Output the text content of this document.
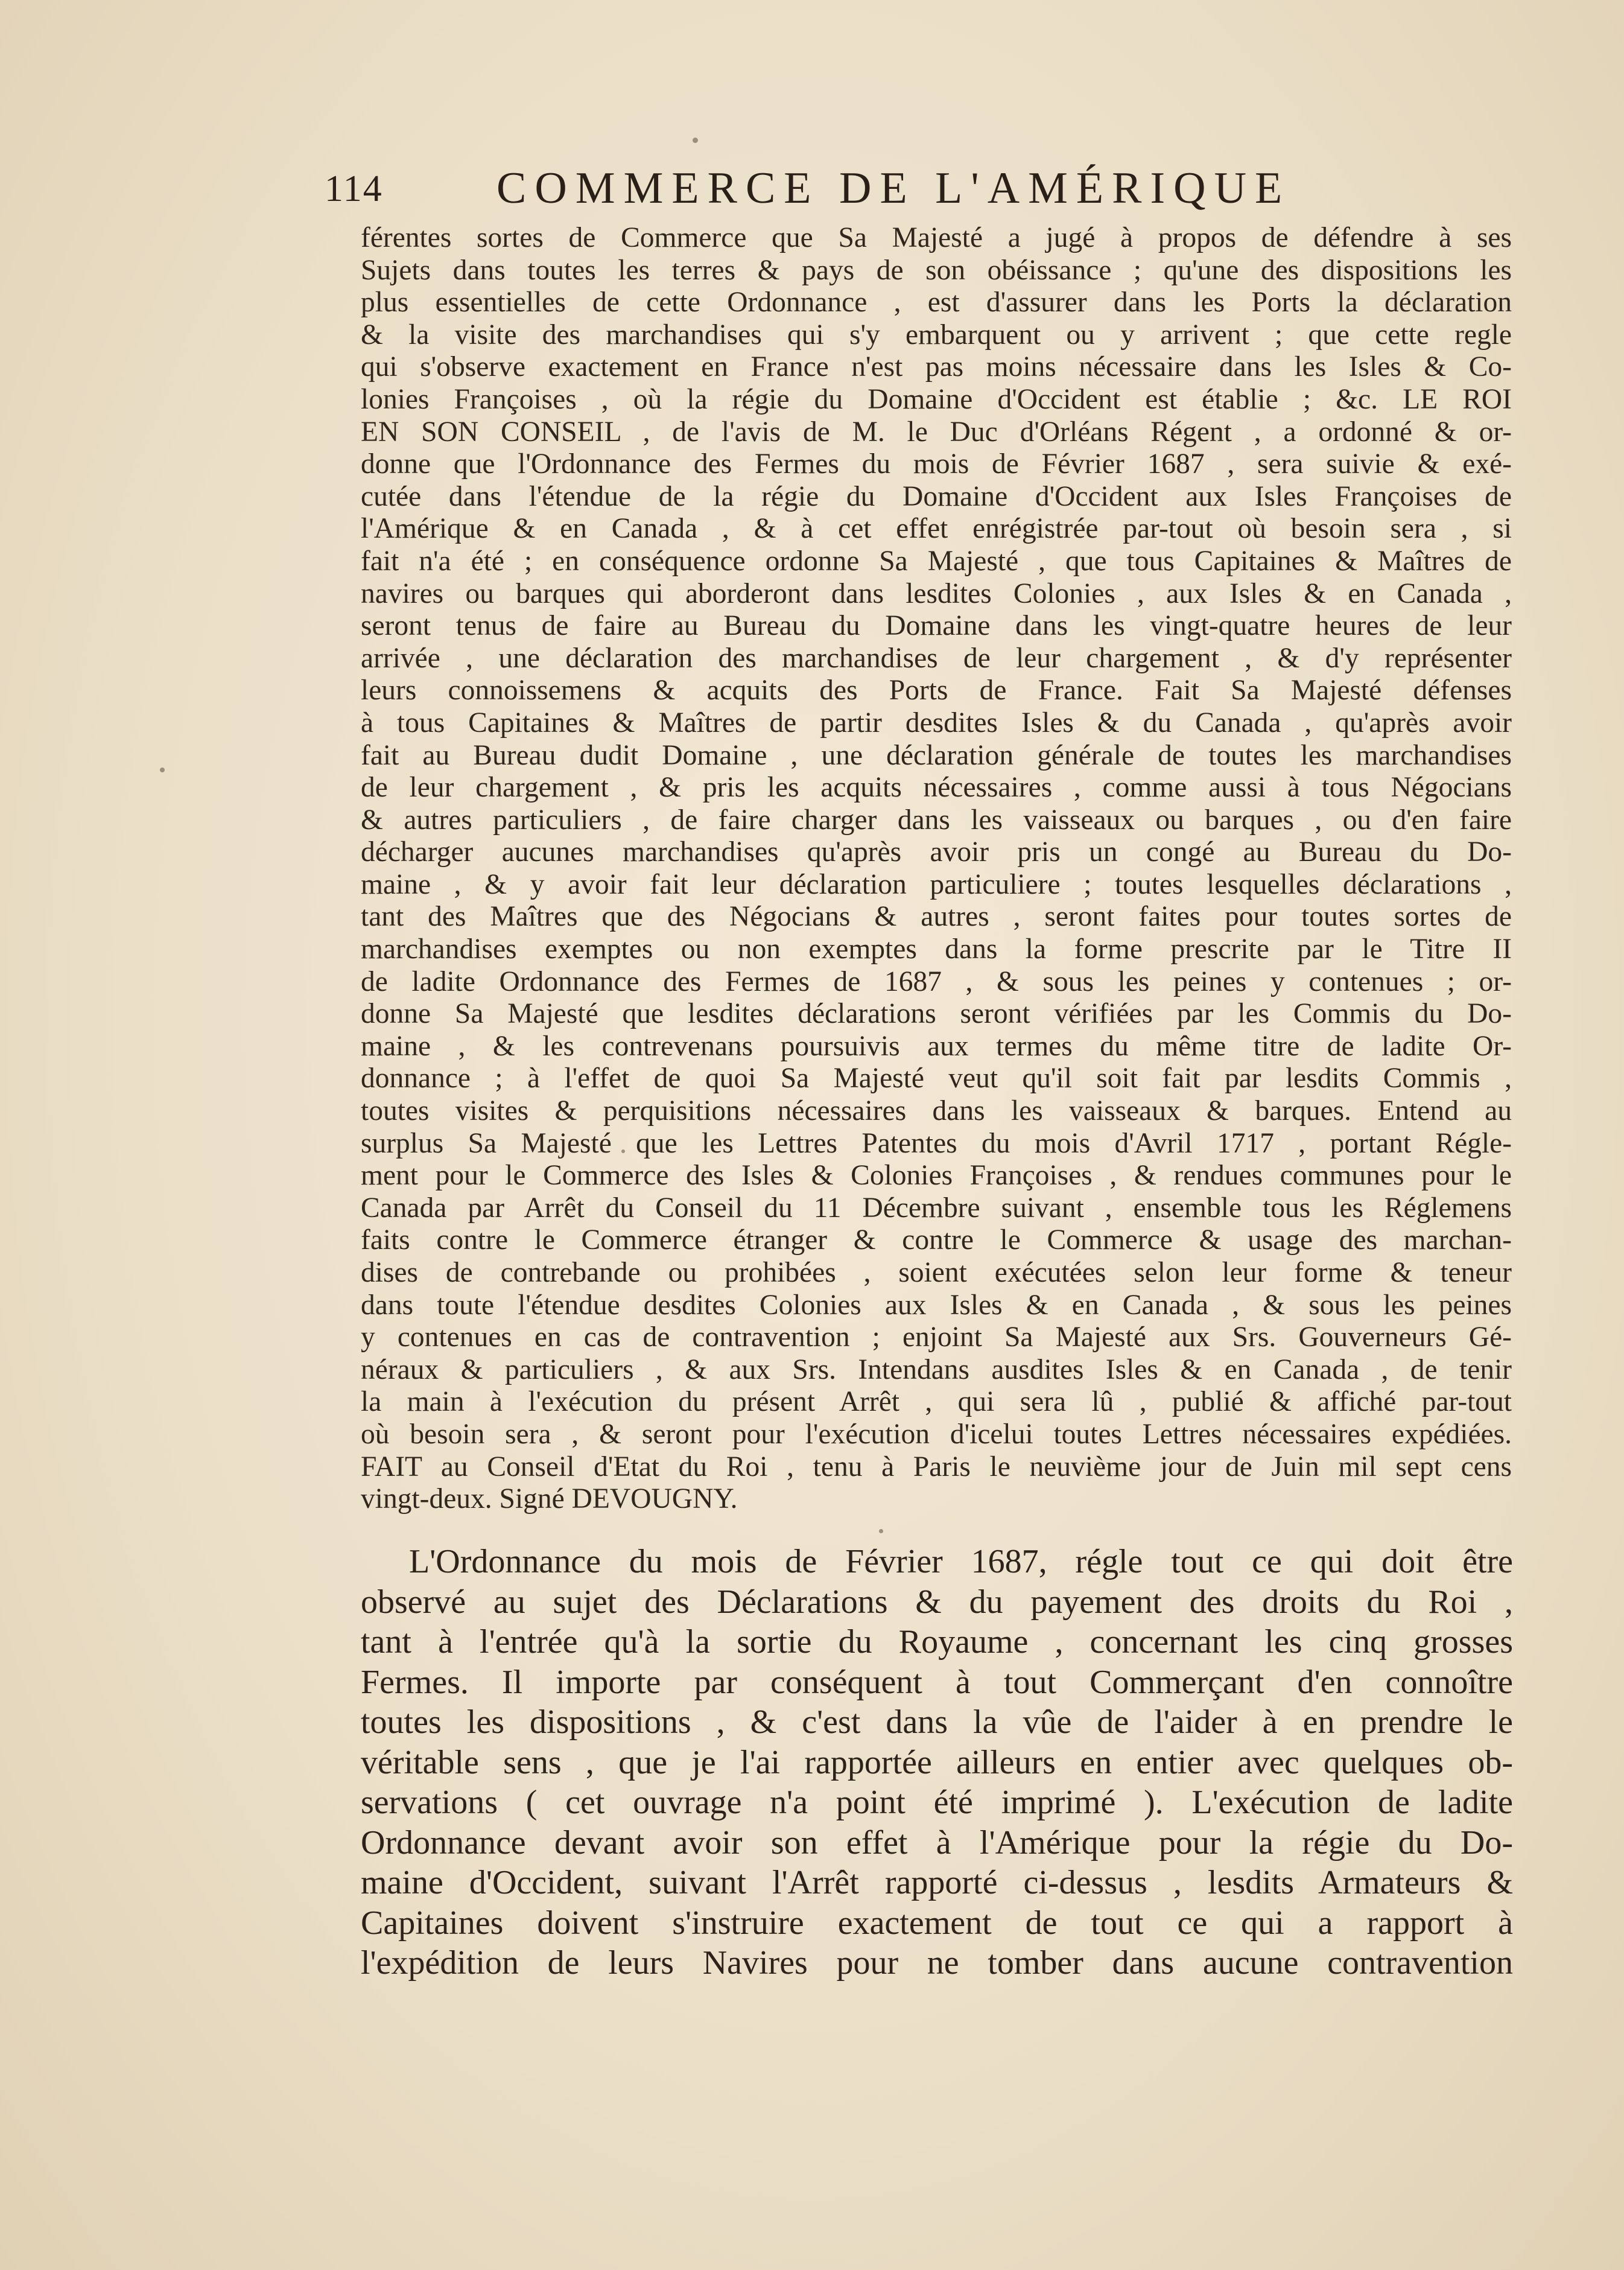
114	COMMERCE DE L'AMÉRIQUE
férentes sortes de Commerce que Sa Majesté a jugé à propos de défendre à ses
Sujets dans toutes les terres & pays de son obéissance ; qu'une des dispositions les
plus essentielles de cette Ordonnance , est d'assurer dans les Ports la déclaration
& la visite des marchandises qui s'y embarquent ou y arrivent ; que cette regle
qui s'observe exactement en France n'est pas moins nécessaire dans les Isles & Co-
lonies Françoises , où la régie du Domaine d'Occident est établie ; &c. LE ROI
EN SON CONSEIL , de l'avis de M. le Duc d'Orléans Régent , a ordonné & or-
donne que l'Ordonnance des Fermes du mois de Février 1687 , sera suivie & exé-
cutée dans l'étendue de la régie du Domaine d'Occident aux Isles Françoises de
l'Amérique & en Canada , & à cet effet enrégistrée par-tout où besoin sera , si
fait n'a été ; en conséquence ordonne Sa Majesté , que tous Capitaines & Maîtres de
navires ou barques qui aborderont dans lesdites Colonies , aux Isles & en Canada ,
seront tenus de faire au Bureau du Domaine dans les vingt-quatre heures de leur
arrivée , une déclaration des marchandises de leur chargement , & d'y représenter
leurs connoissemens & acquits des Ports de France. Fait Sa Majesté défenses
à tous Capitaines & Maîtres de partir desdites Isles & du Canada , qu'après avoir
fait au Bureau dudit Domaine , une déclaration générale de toutes les marchandises
de leur chargement , & pris les acquits nécessaires , comme aussi à tous Négocians
& autres particuliers , de faire charger dans les vaisseaux ou barques , ou d'en faire
décharger aucunes marchandises qu'après avoir pris un congé au Bureau du Do-
maine , & y avoir fait leur déclaration particuliere ; toutes lesquelles déclarations ,
tant des Maîtres que des Négocians & autres , seront faites pour toutes sortes de
marchandises exemptes ou non exemptes dans la forme prescrite par le Titre II
de ladite Ordonnance des Fermes de 1687 , & sous les peines y contenues ; or-
donne Sa Majesté que lesdites déclarations seront vérifiées par les Commis du Do-
maine , & les contrevenans poursuivis aux termes du même titre de ladite Or-
donnance ; à l'effet de quoi Sa Majesté veut qu'il soit fait par lesdits Commis ,
toutes visites & perquisitions nécessaires dans les vaisseaux & barques. Entend au
surplus Sa Majesté que les Lettres Patentes du mois d'Avril 1717 , portant Régle-
ment pour le Commerce des Isles & Colonies Françoises , & rendues communes pour le
Canada par Arrêt du Conseil du 11 Décembre suivant , ensemble tous les Réglemens
faits contre le Commerce étranger & contre le Commerce & usage des marchan-
dises de contrebande ou prohibées , soient exécutées selon leur forme & teneur
dans toute l'étendue desdites Colonies aux Isles & en Canada , & sous les peines
y contenues en cas de contravention ; enjoint Sa Majesté aux Srs. Gouverneurs Gé-
néraux & particuliers , & aux Srs. Intendans ausdites Isles & en Canada , de tenir
la main à l'exécution du présent Arrêt , qui sera lû , publié & affiché par-tout
où besoin sera , & seront pour l'exécution d'icelui toutes Lettres nécessaires expédiées.
FAIT au Conseil d'Etat du Roi , tenu à Paris le neuvième jour de Juin mil sept cens
vingt-deux. Signé DEVOUGNY.
L'Ordonnance du mois de Février 1687, régle tout ce qui doit être
observé au sujet des Déclarations & du payement des droits du Roi ,
tant à l'entrée qu'à la sortie du Royaume , concernant les cinq grosses
Fermes. Il importe par conséquent à tout Commerçant d'en connoître
toutes les dispositions , & c'est dans la vûe de l'aider à en prendre le
véritable sens , que je l'ai rapportée ailleurs en entier avec quelques ob-
servations ( cet ouvrage n'a point été imprimé ). L'exécution de ladite
Ordonnance devant avoir son effet à l'Amérique pour la régie du Do-
maine d'Occident, suivant l'Arrêt rapporté ci-dessus , lesdits Armateurs &
Capitaines doivent s'instruire exactement de tout ce qui a rapport à
l'expédition de leurs Navires pour ne tomber dans aucune contravention
